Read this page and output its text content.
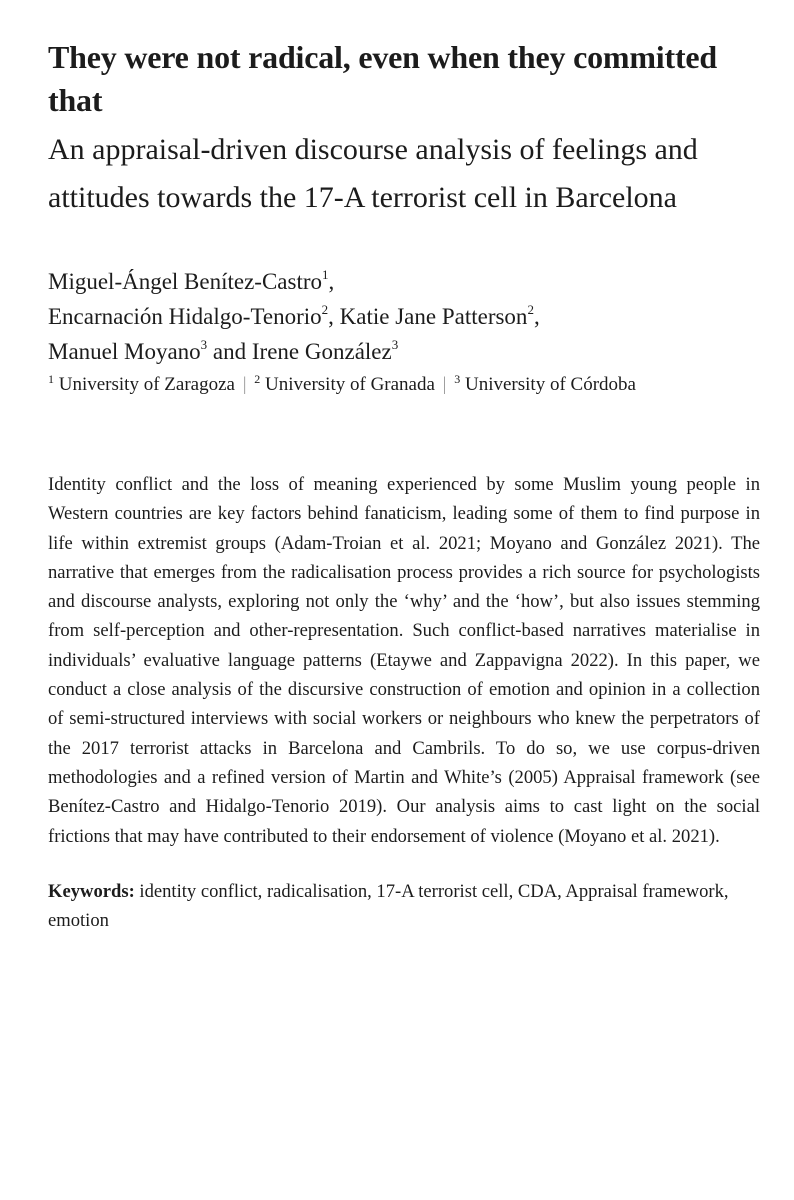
They were not radical, even when they committed that
An appraisal-driven discourse analysis of feelings and attitudes towards the 17-A terrorist cell in Barcelona
Miguel-Ángel Benítez-Castro$^1$,
Encarnación Hidalgo-Tenorio$^2$, Katie Jane Patterson$^2$,
Manuel Moyano$^3$ and Irene González$^3$
$^1$ University of Zaragoza | $^2$ University of Granada | $^3$ University of Córdoba

Identity conflict and the loss of meaning experienced by some Muslim young people in Western countries are key factors behind fanaticism, leading some of them to find purpose in life within extremist groups (Adam-Troian et al. 2021; Moyano and González 2021). The narrative that emerges from the radicalisation process provides a rich source for psychologists and discourse analysts, exploring not only the ‘why’ and the ‘how’, but also issues stemming from self-perception and other-representation. Such conflict-based narratives materialise in individuals’ evaluative language patterns (Etaywe and Zappavigna 2022). In this paper, we conduct a close analysis of the discursive construction of emotion and opinion in a collection of semi-structured interviews with social workers or neighbours who knew the perpetrators of the 2017 terrorist attacks in Barcelona and Cambrils. To do so, we use corpus-driven methodologies and a refined version of Martin and White’s (2005) Appraisal framework (see Benítez-Castro and Hidalgo-Tenorio 2019). Our analysis aims to cast light on the social frictions that may have contributed to their endorsement of violence (Moyano et al. 2021).

Keywords: identity conflict, radicalisation, 17-A terrorist cell, CDA, Appraisal framework, emotion
